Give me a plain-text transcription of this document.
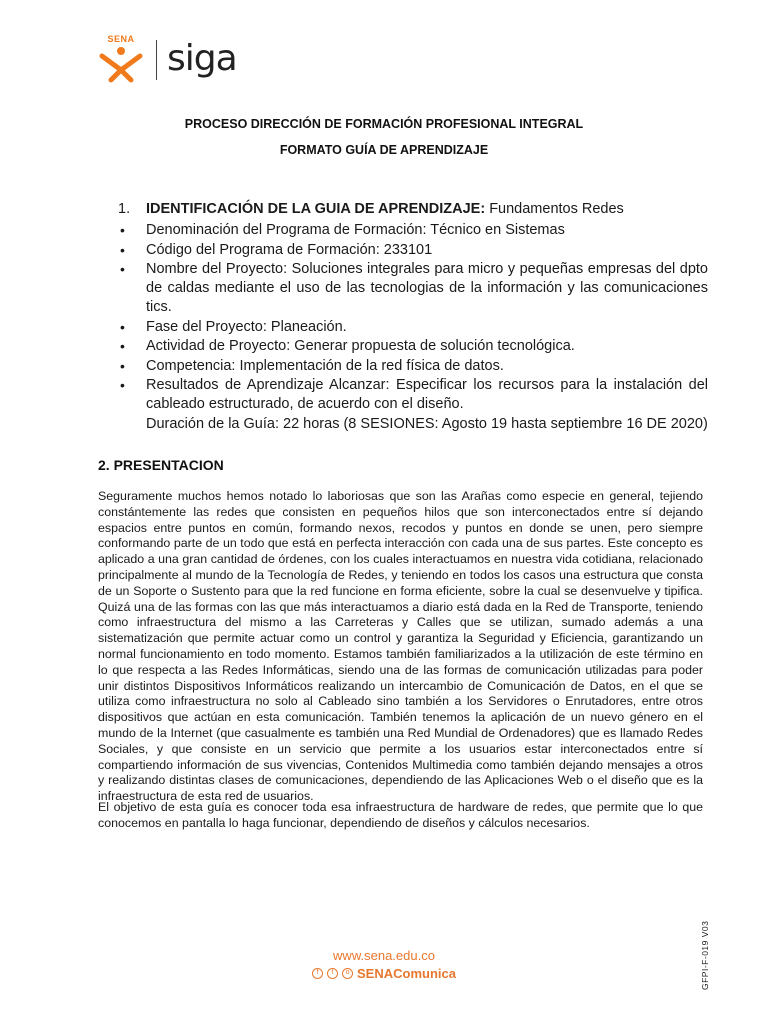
SENA siga
PROCESO DIRECCIÓN DE FORMACIÓN PROFESIONAL INTEGRAL
FORMATO GUÍA DE APRENDIZAJE
1.	IDENTIFICACIÓN DE LA GUIA DE APRENDIZAJE: Fundamentos Redes
• Denominación del Programa de Formación: Técnico en Sistemas
• Código del Programa de Formación: 233101
• Nombre del Proyecto: Soluciones integrales para micro y pequeñas empresas del dpto de caldas mediante el uso de las tecnologias de la información y las comunicaciones tics.
• Fase del Proyecto: Planeación.
• Actividad de Proyecto: Generar propuesta de solución tecnológica.
• Competencia: Implementación de la red física de datos.
• Resultados de Aprendizaje Alcanzar: Especificar los recursos para la instalación del cableado estructurado, de acuerdo con el diseño.
Duración de la Guía: 22 horas (8 SESIONES: Agosto 19 hasta septiembre 16 DE 2020)
2. PRESENTACION
Seguramente muchos hemos notado lo laboriosas que son las Arañas como especie en general, tejiendo constántemente las redes que consisten en pequeños hilos que son interconectados entre sí dejando espacios entre puntos en común, formando nexos, recodos y puntos en donde se unen, pero siempre conformando parte de un todo que está en perfecta interacción con cada una de sus partes. Este concepto es aplicado a una gran cantidad de órdenes, con los cuales interactuamos en nuestra vida cotidiana, relacionado principalmente al mundo de la Tecnología de Redes, y teniendo en todos los casos una estructura que consta de un Soporte o Sustento para que la red funcione en forma eficiente, sobre la cual se desenvuelve y tipifica. Quizá una de las formas con las que más interactuamos a diario está dada en la Red de Transporte, teniendo como infraestructura del mismo a las Carreteras y Calles que se utilizan, sumado además a una sistematización que permite actuar como un control y garantiza la Seguridad y Eficiencia, garantizando un normal funcionamiento en todo momento. Estamos también familiarizados a la utilización de este término en lo que respecta a las Redes Informáticas, siendo una de las formas de comunicación utilizadas para poder unir distintos Dispositivos Informáticos realizando un intercambio de Comunicación de Datos, en el que se utiliza como infraestructura no solo al Cableado sino también a los Servidores o Enrutadores, entre otros dispositivos que actúan en esta comunicación. También tenemos la aplicación de un nuevo género en el mundo de la Internet (que casualmente es también una Red Mundial de Ordenadores) que es llamado Redes Sociales, y que consiste en un servicio que permite a los usuarios estar interconectados entre sí compartiendo información de sus vivencias, Contenidos Multimedia como también dejando mensajes a otros y realizando distintas clases de comunicaciones, dependiendo de las Aplicaciones Web o el diseño que es la infraestructura de esta red de usuarios.
El objetivo de esta guía es conocer toda esa infraestructura de hardware de redes, que permite que lo que conocemos en pantalla lo haga funcionar, dependiendo de diseños y cálculos necesarios.
www.sena.edu.co
f	t	o SENAComunica	GFPI-F-019 V03
